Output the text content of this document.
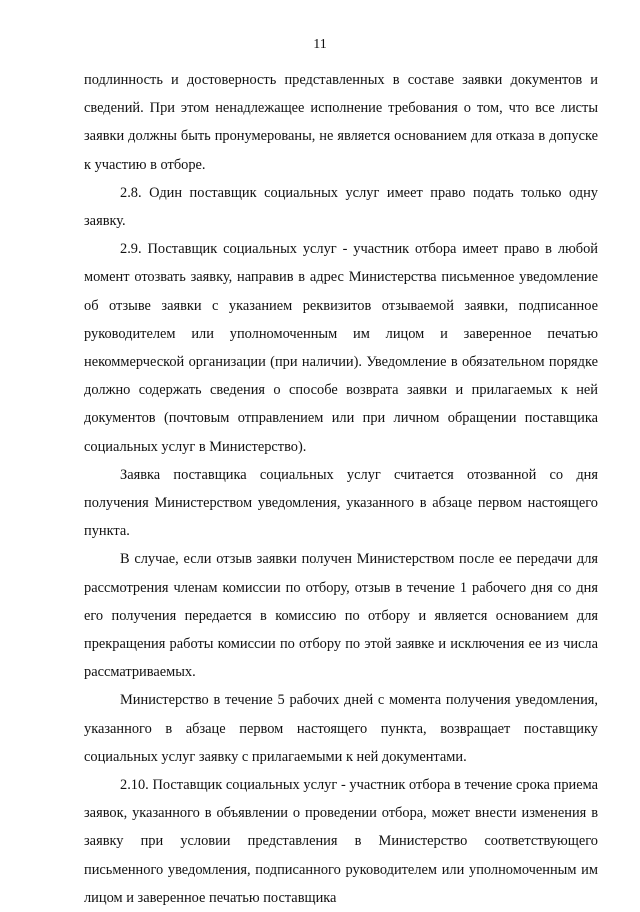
11

подлинность и достоверность представленных в составе заявки документов и сведений. При этом ненадлежащее исполнение требования о том, что все листы заявки должны быть пронумерованы, не является основанием для отказа в допуске к участию в отборе.

2.8. Один поставщик социальных услуг имеет право подать только одну заявку.

2.9. Поставщик социальных услуг - участник отбора имеет право в любой момент отозвать заявку, направив в адрес Министерства письменное уведомление об отзыве заявки с указанием реквизитов отзываемой заявки, подписанное руководителем или уполномоченным им лицом и заверенное печатью некоммерческой организации (при наличии). Уведомление в обязательном порядке должно содержать сведения о способе возврата заявки и прилагаемых к ней документов (почтовым отправлением или при личном обращении поставщика социальных услуг в Министерство).

Заявка поставщика социальных услуг считается отозванной со дня получения Министерством уведомления, указанного в абзаце первом настоящего пункта.

В случае, если отзыв заявки получен Министерством после ее передачи для рассмотрения членам комиссии по отбору, отзыв в течение 1 рабочего дня со дня его получения передается в комиссию по отбору и является основанием для прекращения работы комиссии по отбору по этой заявке и исключения ее из числа рассматриваемых.

Министерство в течение 5 рабочих дней с момента получения уведомления, указанного в абзаце первом настоящего пункта, возвращает поставщику социальных услуг заявку с прилагаемыми к ней документами.

2.10. Поставщик социальных услуг - участник отбора в течение срока приема заявок, указанного в объявлении о проведении отбора, может внести изменения в заявку при условии представления в Министерство соответствующего письменного уведомления, подписанного руководителем или уполномоченным им лицом и заверенное печатью поставщика
